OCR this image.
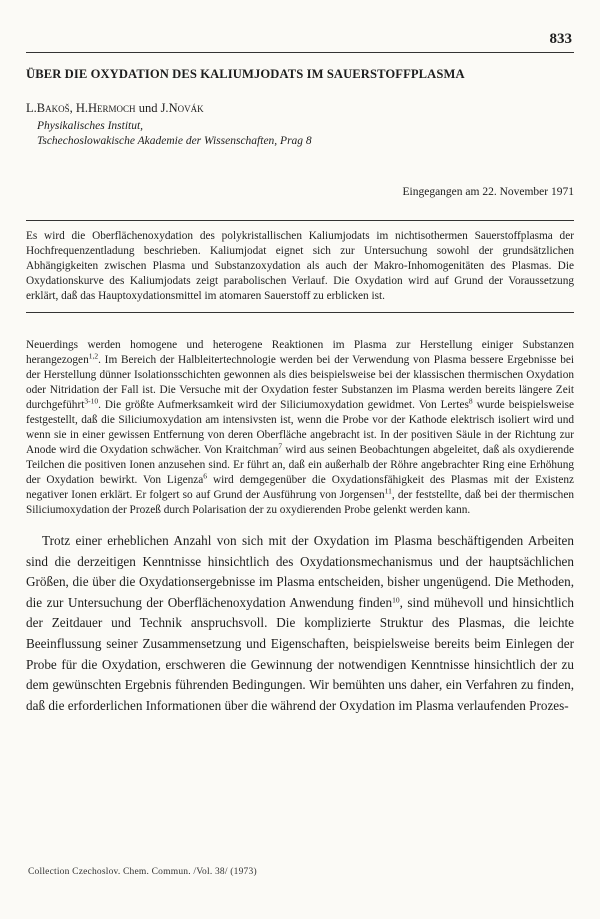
833
ÜBER DIE OXYDATION DES KALIUMJODATS IM SAUERSTOFFPLASMA
L.Bakoš, H.Hermoch und J.Novák
Physikalisches Institut,
Tschechoslowakische Akademie der Wissenschaften, Prag 8
Eingegangen am 22. November 1971
Es wird die Oberflächenoxydation des polykristallischen Kaliumjodats im nichtisothermen Sauerstoffplasma der Hochfrequenzentladung beschrieben. Kaliumjodat eignet sich zur Untersuchung sowohl der grundsätzlichen Abhängigkeiten zwischen Plasma und Substanzoxydation als auch der Makro-Inhomogenitäten des Plasmas. Die Oxydationskurve des Kaliumjodats zeigt parabolischen Verlauf. Die Oxydation wird auf Grund der Voraussetzung erklärt, daß das Hauptoxydationsmittel im atomaren Sauerstoff zu erblicken ist.

Neuerdings werden homogene und heterogene Reaktionen im Plasma zur Herstellung einiger Substanzen herangezogen$^{1,2}$. Im Bereich der Halbleitertechnologie werden bei der Verwendung von Plasma bessere Ergebnisse bei der Herstellung dünner Isolationsschichten gewonnen als dies beispielsweise bei der klassischen thermischen Oxydation oder Nitridation der Fall ist. Die Versuche mit der Oxydation fester Substanzen im Plasma werden bereits längere Zeit durchgeführt$^{3-10}$. Die größte Aufmerksamkeit wird der Siliciumoxydation gewidmet. Von Lertes$^8$ wurde beispielsweise festgestellt, daß die Siliciumoxydation am intensivsten ist, wenn die Probe vor der Kathode elektrisch isoliert wird und wenn sie in einer gewissen Entfernung von deren Oberfläche angebracht ist. In der positiven Säule in der Richtung zur Anode wird die Oxydation schwächer. Von Kraitchman$^7$ wird aus seinen Beobachtungen abgeleitet, daß als oxydierende Teilchen die positiven Ionen anzusehen sind. Er führt an, daß ein außerhalb der Röhre angebrachter Ring eine Erhöhung der Oxydation bewirkt. Von Ligenza$^6$ wird demgegenüber die Oxydationsfähigkeit des Plasmas mit der Existenz negativer Ionen erklärt. Er folgert so auf Grund der Ausführung von Jorgensen$^{11}$, der feststellte, daß bei der thermischen Siliciumoxydation der Prozeß durch Polarisation der zu oxydierenden Probe gelenkt werden kann.

Trotz einer erheblichen Anzahl von sich mit der Oxydation im Plasma beschäftigenden Arbeiten sind die derzeitigen Kenntnisse hinsichtlich des Oxydationsmechanismus und der hauptsächlichen Größen, die über die Oxydationsergebnisse im Plasma entscheiden, bisher ungenügend. Die Methoden, die zur Untersuchung der Oberflächenoxydation Anwendung finden$^{10}$, sind mühevoll und hinsichtlich der Zeitdauer und Technik anspruchsvoll. Die komplizierte Struktur des Plasmas, die leichte Beeinflussung seiner Zusammensetzung und Eigenschaften, beispielsweise bereits beim Einlegen der Probe für die Oxydation, erschweren die Gewinnung der notwendigen Kenntnisse hinsichtlich der zu dem gewünschten Ergebnis führenden Bedingungen. Wir bemühten uns daher, ein Verfahren zu finden, daß die erforderlichen Informationen über die während der Oxydation im Plasma verlaufenden Prozes-

Collection Czechoslov. Chem. Commun. /Vol. 38/ (1973)
